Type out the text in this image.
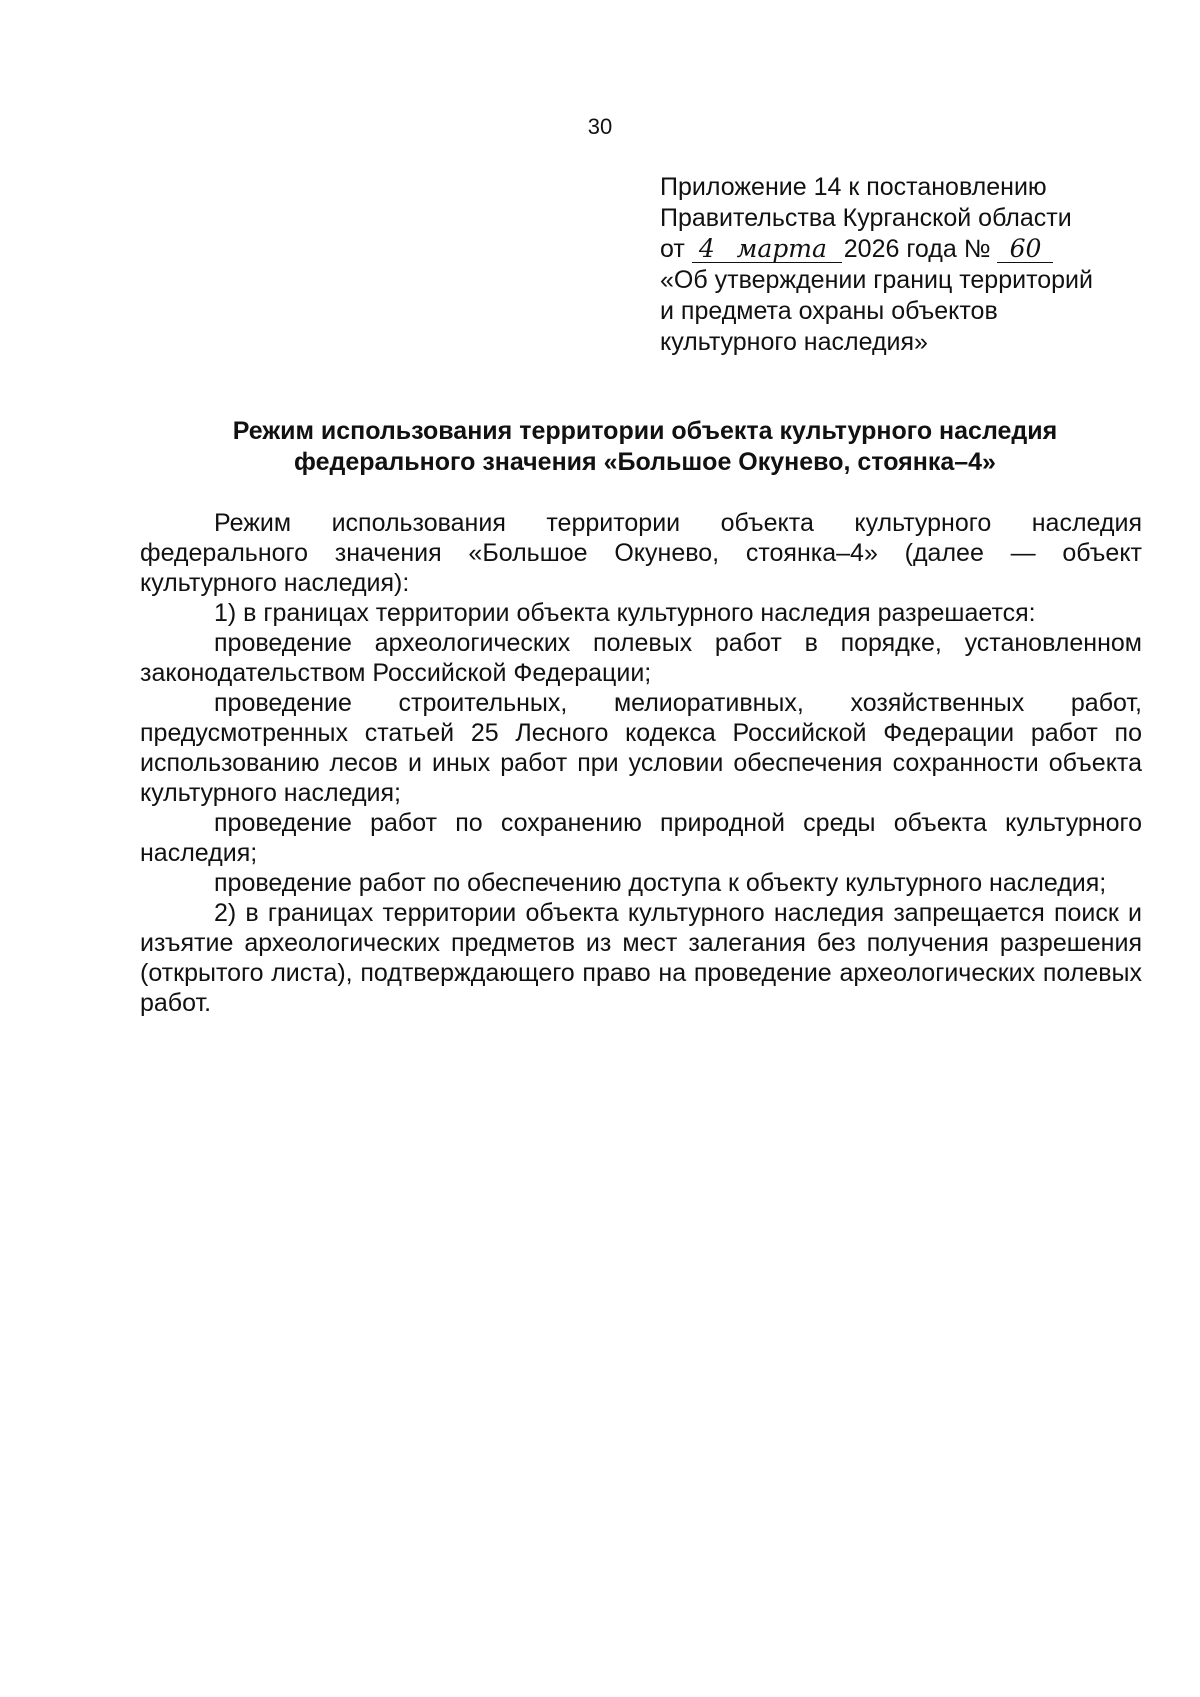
30
Приложение 14 к постановлению
Правительства Курганской области
от 4 марта 2026 года № 60
«Об утверждении границ территорий
и предмета охраны объектов
культурного наследия»
Режим использования территории объекта культурного наследия
федерального значения «Большое Окунево, стоянка–4»

Режим использования территории объекта культурного наследия федерального значения «Большое Окунево, стоянка–4» (далее — объект культурного наследия):

1) в границах территории объекта культурного наследия разрешается:

проведение археологических полевых работ в порядке, установленном законодательством Российской Федерации;

проведение строительных, мелиоративных, хозяйственных работ, предусмотренных статьей 25 Лесного кодекса Российской Федерации работ по использованию лесов и иных работ при условии обеспечения сохранности объекта культурного наследия;

проведение работ по сохранению природной среды объекта культурного наследия;

проведение работ по обеспечению доступа к объекту культурного наследия;

2) в границах территории объекта культурного наследия запрещается поиск и изъятие археологических предметов из мест залегания без получения разрешения (открытого листа), подтверждающего право на проведение археологических полевых работ.
